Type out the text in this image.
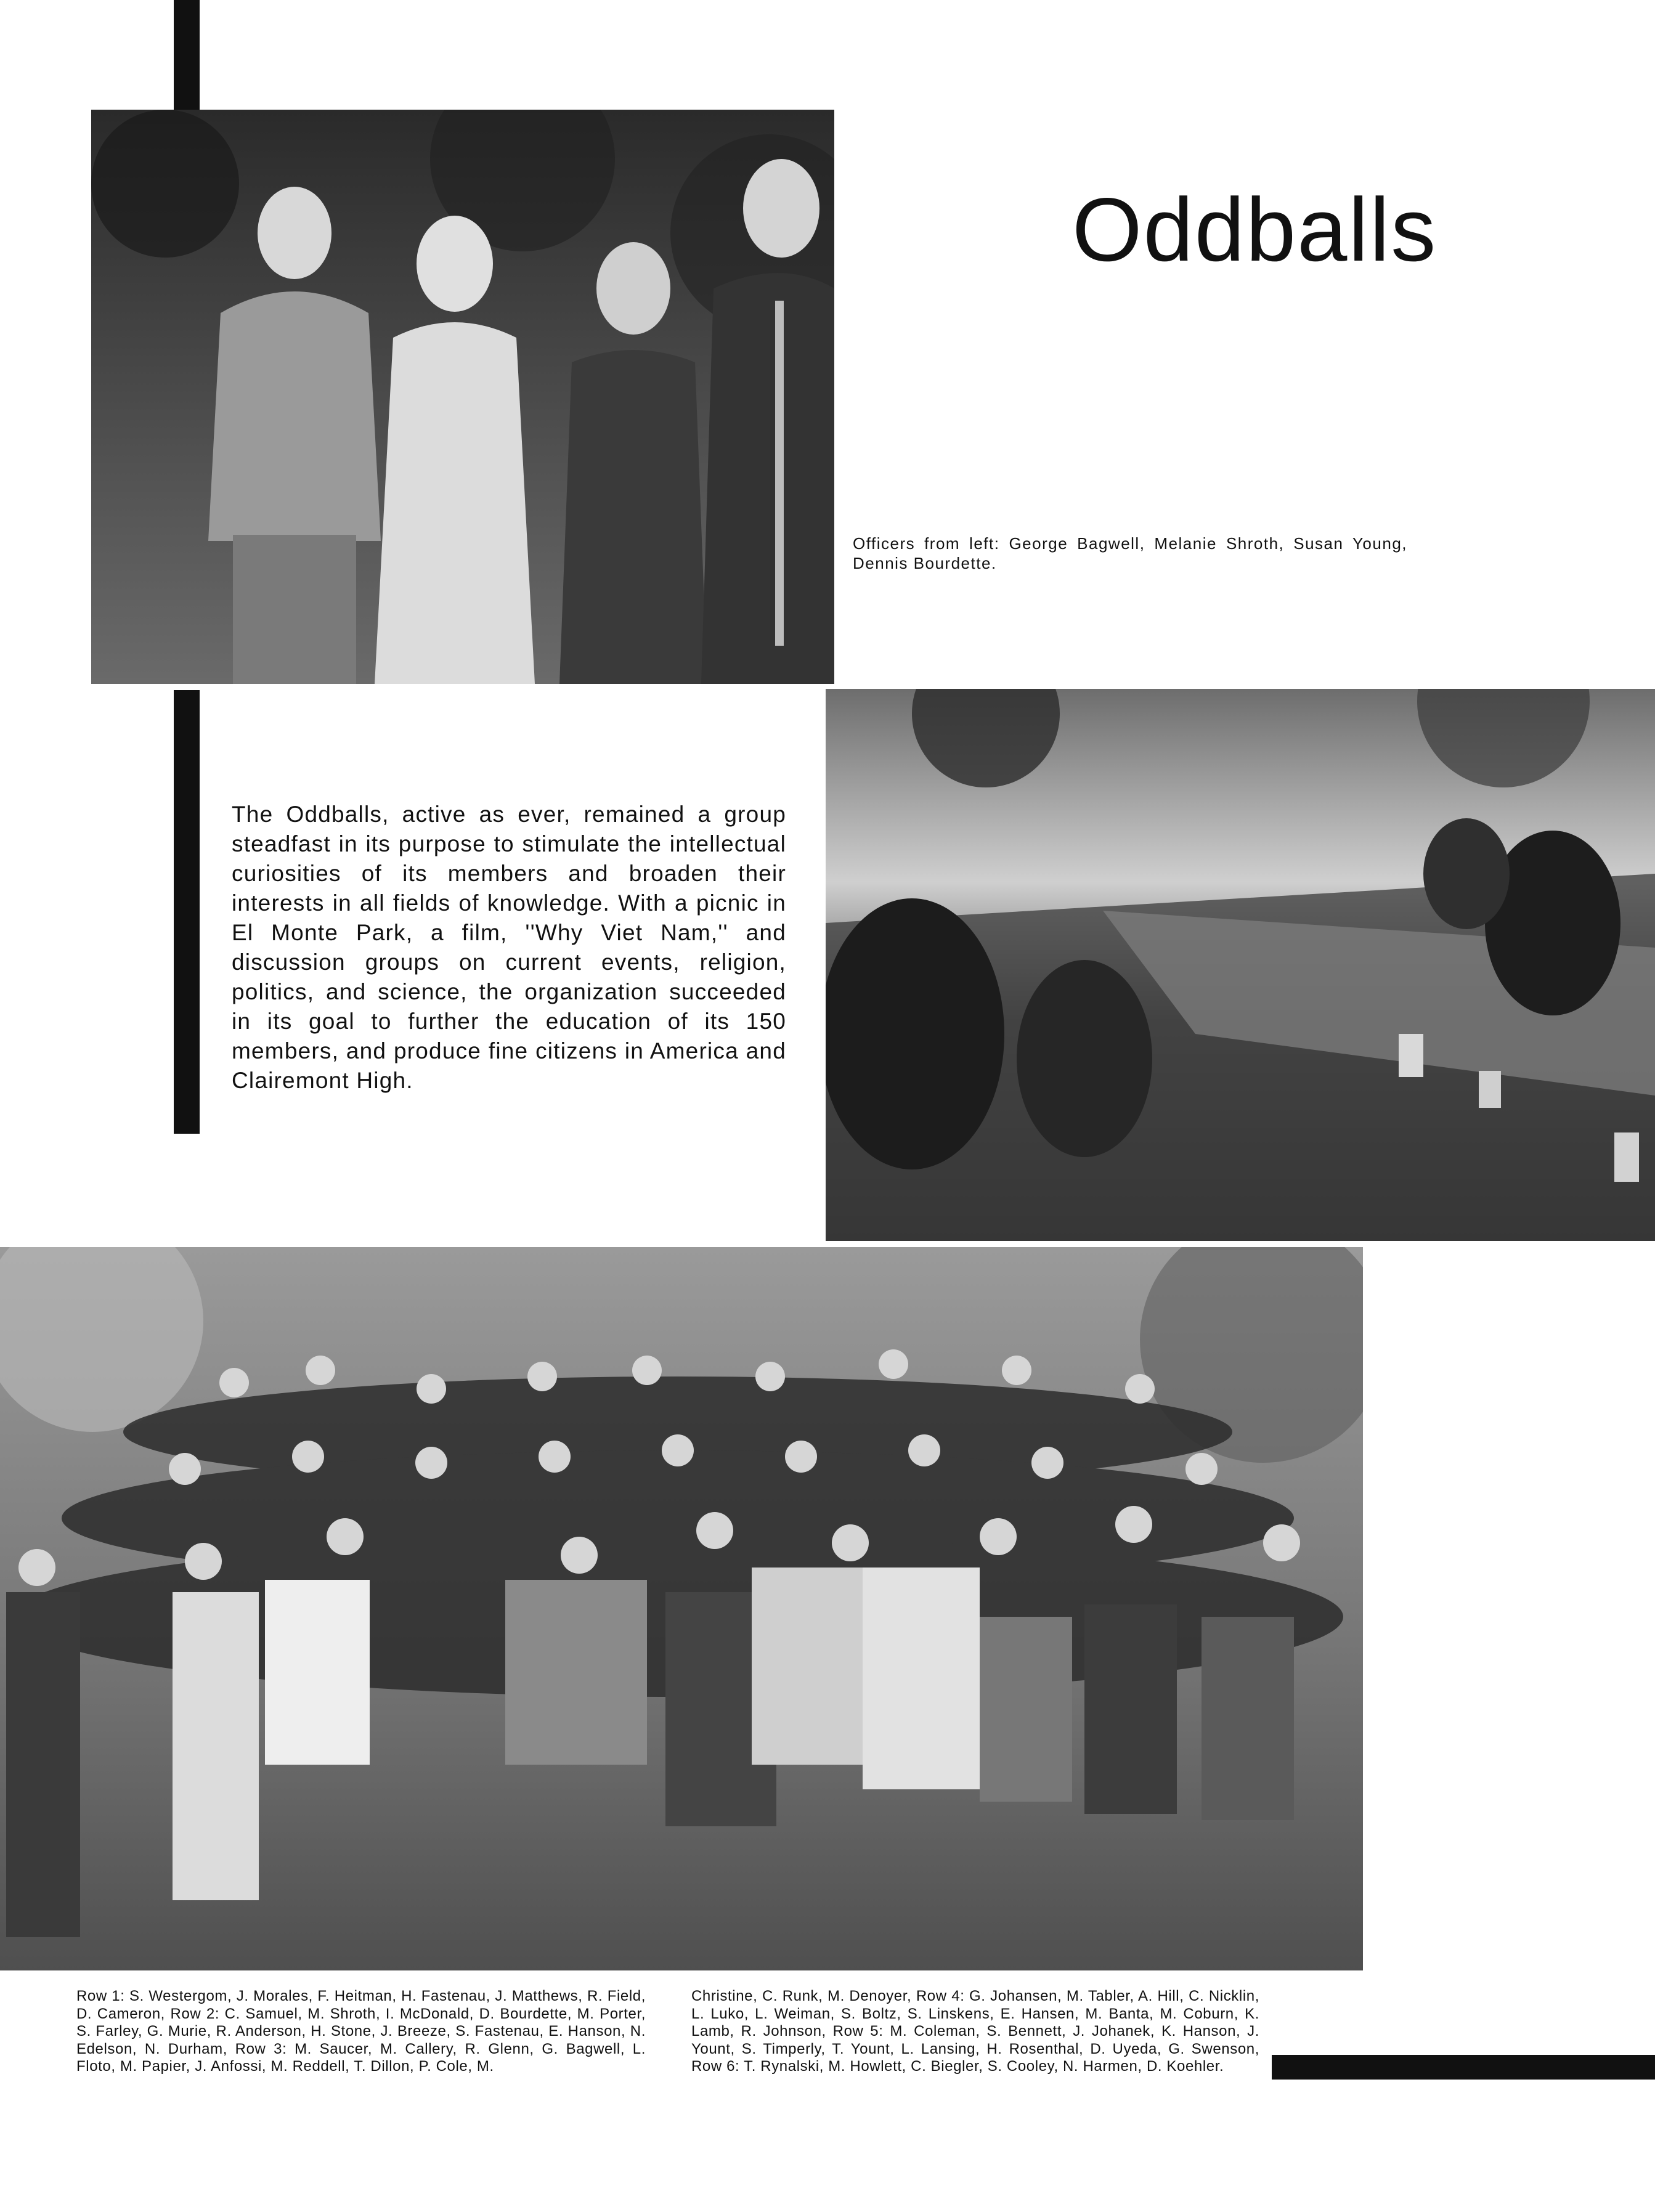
Oddballs
Officers from left: George Bagwell, Melanie Shroth, Susan Young, Dennis Bourdette.
The Oddballs, active as ever, remained a group steadfast in its purpose to stimulate the intellectual curiosities of its members and broaden their interests in all fields of knowledge. With a picnic in El Monte Park, a film, ''Why Viet Nam,'' and discussion groups on current events, religion, politics, and science, the organization succeeded in its goal to further the education of its 150 members, and produce fine citizens in America and Clairemont High.
Row 1: S. Westergom, J. Morales, F. Heitman, H. Fastenau, J. Matthews, R. Field, D. Cameron, Row 2: C. Samuel, M. Shroth, I. McDonald, D. Bourdette, M. Porter, S. Farley, G. Murie, R. Anderson, H. Stone, J. Breeze, S. Fastenau, E. Hanson, N. Edelson, N. Durham, Row 3: M. Saucer, M. Callery, R. Glenn, G. Bagwell, L. Floto, M. Papier, J. Anfossi, M. Reddell, T. Dillon, P. Cole, M.
Christine, C. Runk, M. Denoyer, Row 4: G. Johansen, M. Tabler, A. Hill, C. Nicklin, L. Luko, L. Weiman, S. Boltz, S. Linskens, E. Hansen, M. Banta, M. Coburn, K. Lamb, R. Johnson, Row 5: M. Coleman, S. Bennett, J. Johanek, K. Hanson, J. Yount, S. Timperly, T. Yount, L. Lansing, H. Rosenthal, D. Uyeda, G. Swenson, Row 6: T. Rynalski, M. Howlett, C. Biegler, S. Cooley, N. Harmen, D. Koehler.
